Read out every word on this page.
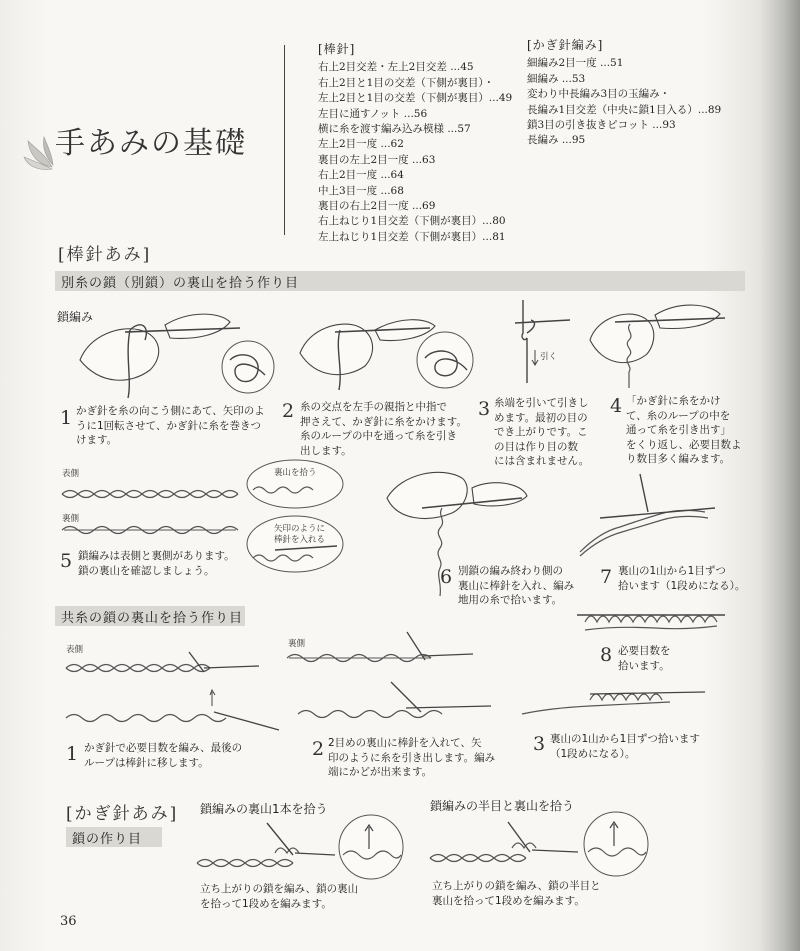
手あみの基礎
[棒針]
右上2目交差・左上2目交差 ...45
右上2目と1目の交差（下側が裏目）・
左上2目と1目の交差（下側が裏目）...49
左目に通すノット ...56
横に糸を渡す編み込み模様 ...57
左上2目一度 ...62
裏目の左上2目一度 ...63
右上2目一度 ...64
中上3目一度 ...68
裏目の右上2目一度 ...69
右上ねじり1目交差（下側が裏目）...80
左上ねじり1目交差（下側が裏目）...81
[かぎ針編み]
細編み2目一度 ...51
細編み ...53
変わり中長編み3目の玉編み・
長編み1目交差（中央に鎖1目入る）...89
鎖3目の引き抜きピコット ...93
長編み ...95
[棒針あみ]
別糸の鎖（別鎖）の裏山を拾う作り目
鎖編み
引く
1 かぎ針を糸の向こう側にあて、矢印のよ
うに1回転させて、かぎ針に糸を巻きつ
けます。
2 糸の交点を左手の親指と中指で
押さえて、かぎ針に糸をかけます。
糸のループの中を通って糸を引き
出します。
3 糸端を引いて引きし
めます。最初の目の
でき上がりです。こ
の目は作り目の数
には含まれません。
4 「かぎ針に糸をかけ
て、糸のループの中を
通って糸を引き出す」
をくり返し、必要目数よ
り数目多く編みます。
表側
裏側
裏山を拾う
矢印のように
棒針を入れる
5 鎖編みは表側と裏側があります。
鎖の裏山を確認しましょう。	6 別鎖の編み終わり側の
裏山に棒針を入れ、編み
地用の糸で拾います。
7 裏山の1山から1目ずつ
拾います（1段めになる）。
8 必要目数を
拾います。
共糸の鎖の裏山を拾う作り目
表側
裏側
1 かぎ針で必要目数を編み、最後の
ループは棒針に移します。
2 2目めの裏山に棒針を入れて、矢
印のように糸を引き出します。編み
端にかどが出来ます。
3 裏山の1山から1目ずつ拾います
（1段めになる）。
[かぎ針あみ]
鎖の作り目
鎖編みの裏山1本を拾う	鎖編みの半目と裏山を拾う
立ち上がりの鎖を編み、鎖の裏山
を拾って1段めを編みます。
立ち上がりの鎖を編み、鎖の半目と
裏山を拾って1段めを編みます。
36
